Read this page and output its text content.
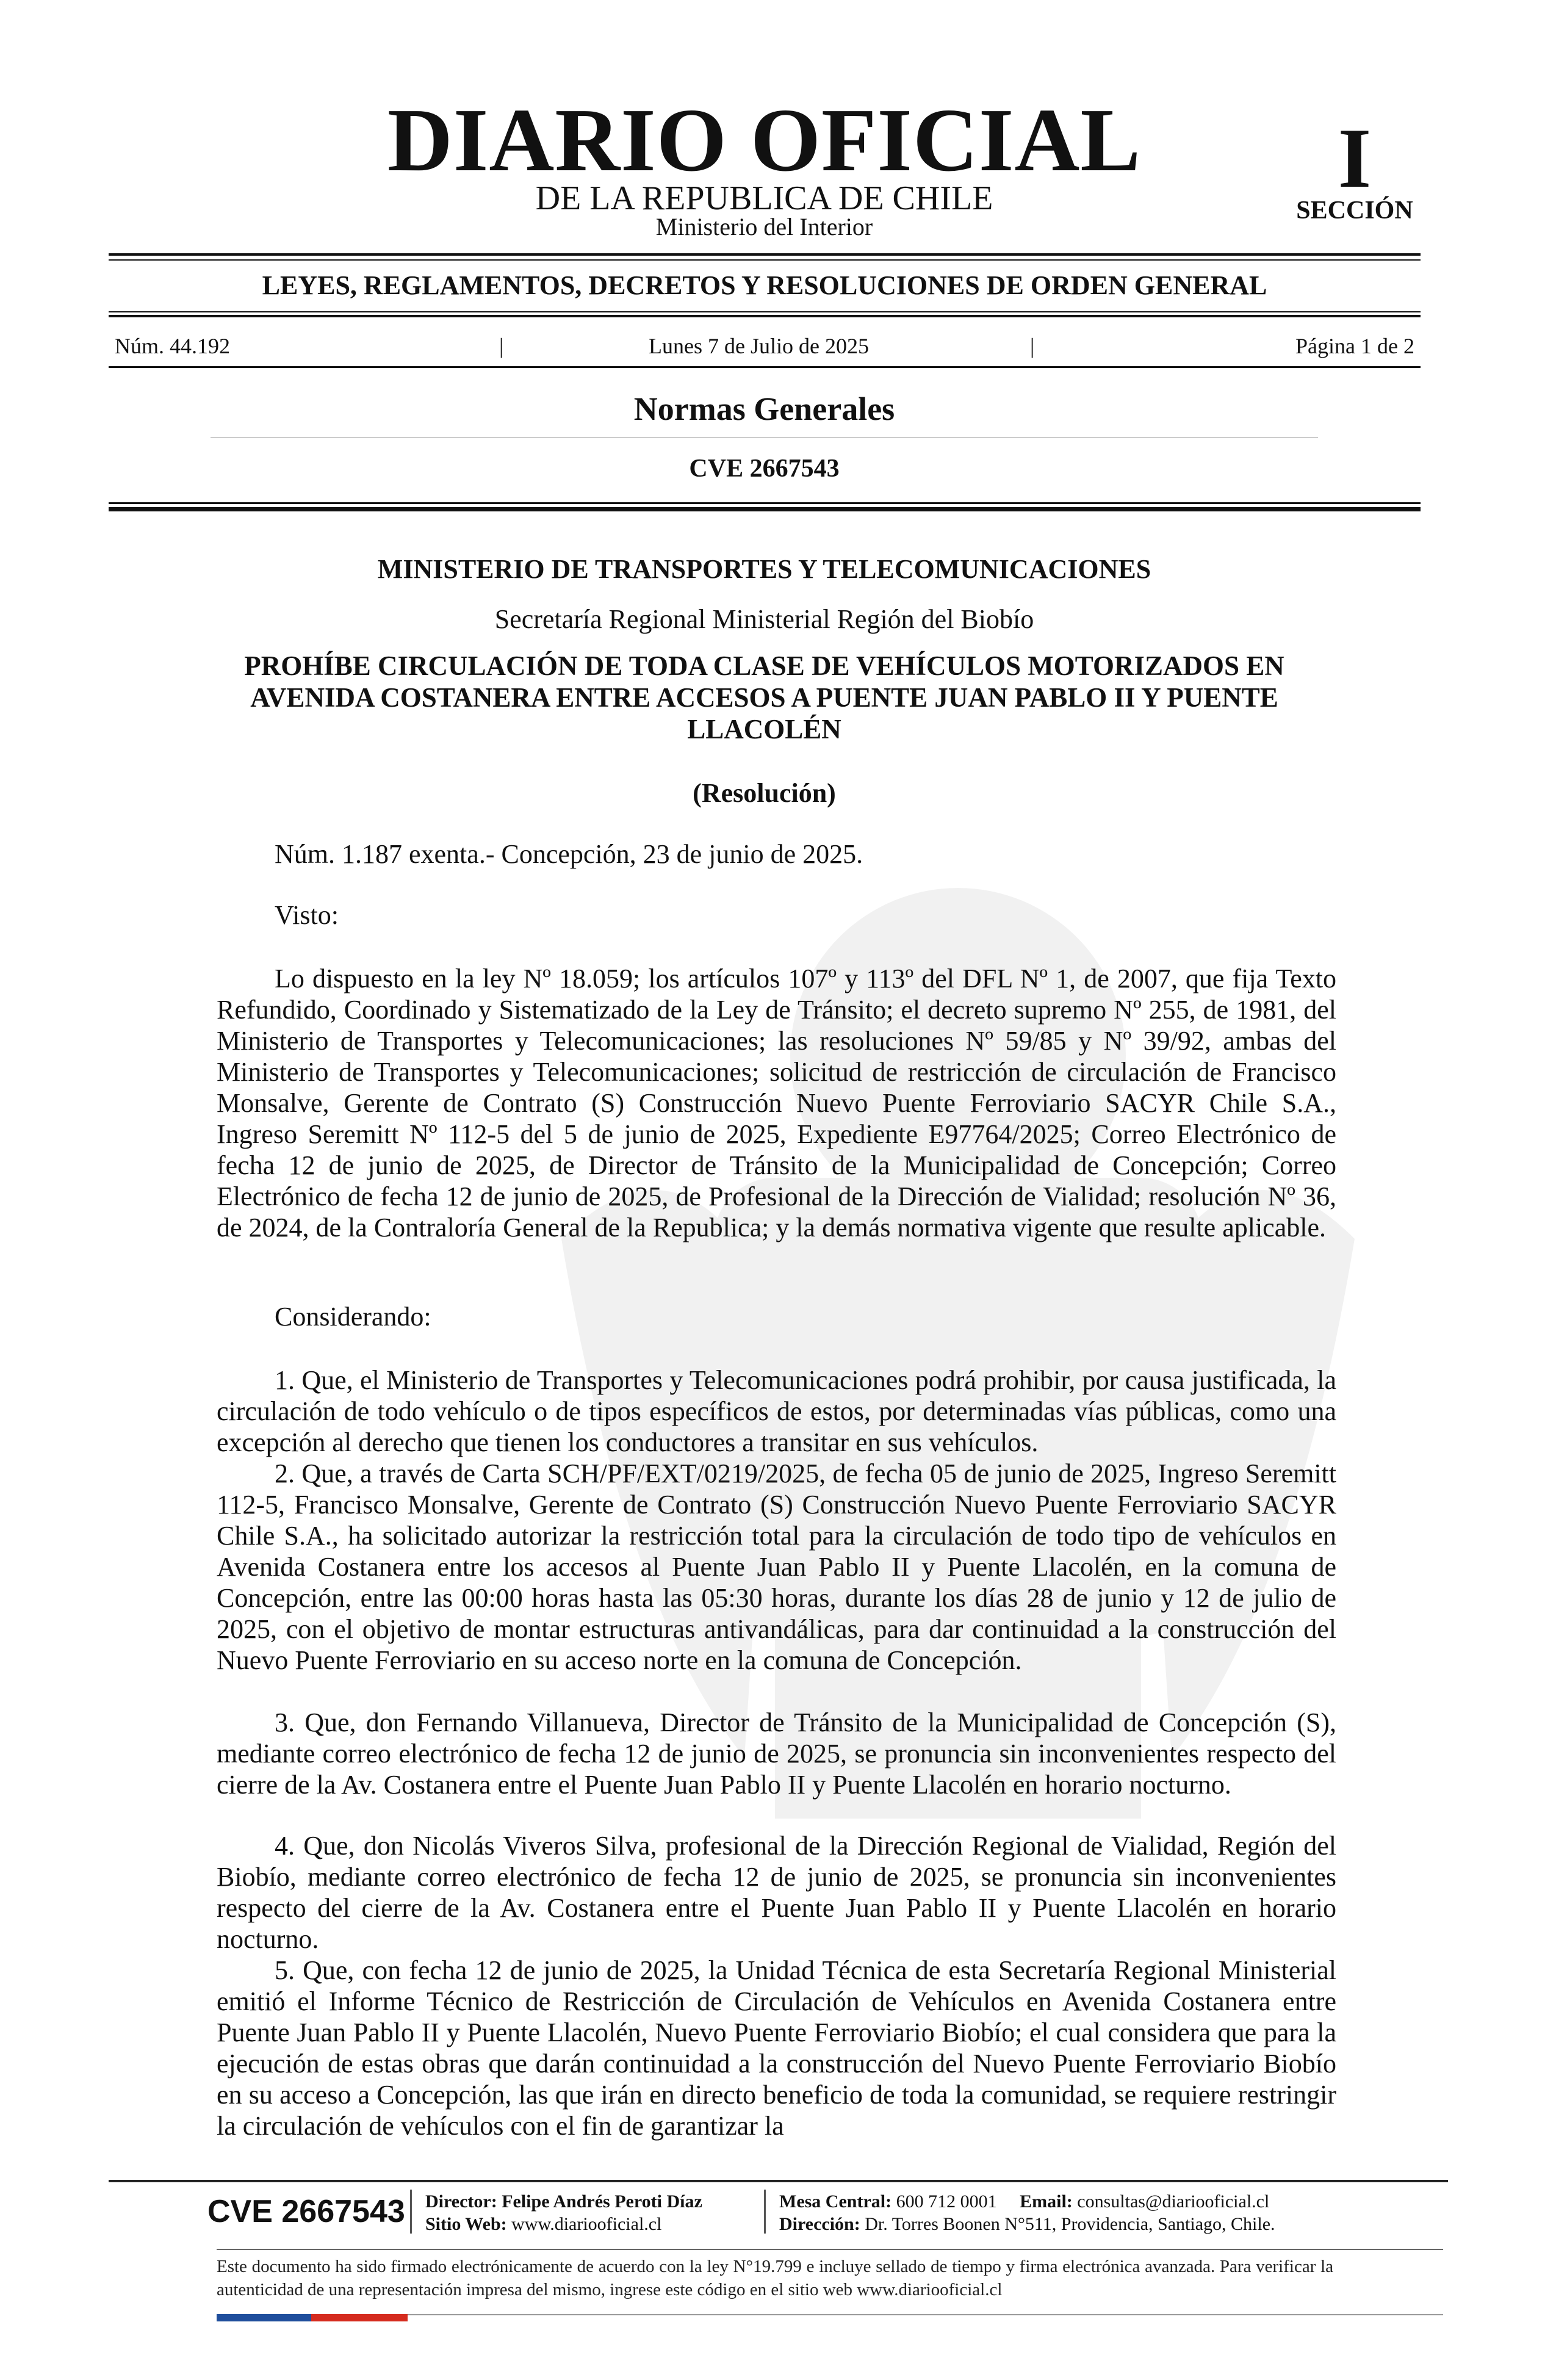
DIARIO OFICIAL
DE LA REPUBLICA DE CHILE
Ministerio del Interior
I
SECCIÓN
LEYES, REGLAMENTOS, DECRETOS Y RESOLUCIONES DE ORDEN GENERAL
Núm. 44.192	|	Lunes 7 de Julio de 2025	|	Página 1 de 2
Normas Generales
CVE 2667543
MINISTERIO DE TRANSPORTES Y TELECOMUNICACIONES
Secretaría Regional Ministerial Región del Biobío
PROHÍBE CIRCULACIÓN DE TODA CLASE DE VEHÍCULOS MOTORIZADOS EN AVENIDA COSTANERA ENTRE ACCESOS A PUENTE JUAN PABLO II Y PUENTE LLACOLÉN
(Resolución)
Núm. 1.187 exenta.- Concepción, 23 de junio de 2025.
Visto:
Lo dispuesto en la ley Nº 18.059; los artículos 107º y 113º del DFL Nº 1, de 2007, que fija Texto Refundido, Coordinado y Sistematizado de la Ley de Tránsito; el decreto supremo Nº 255, de 1981, del Ministerio de Transportes y Telecomunicaciones; las resoluciones Nº 59/85 y Nº 39/92, ambas del Ministerio de Transportes y Telecomunicaciones; solicitud de restricción de circulación de Francisco Monsalve, Gerente de Contrato (S) Construcción Nuevo Puente Ferroviario SACYR Chile S.A., Ingreso Seremitt Nº 112-5 del 5 de junio de 2025, Expediente E97764/2025; Correo Electrónico de fecha 12 de junio de 2025, de Director de Tránsito de la Municipalidad de Concepción; Correo Electrónico de fecha 12 de junio de 2025, de Profesional de la Dirección de Vialidad; resolución Nº 36, de 2024, de la Contraloría General de la Republica; y la demás normativa vigente que resulte aplicable.
Considerando:
1. Que, el Ministerio de Transportes y Telecomunicaciones podrá prohibir, por causa justificada, la circulación de todo vehículo o de tipos específicos de estos, por determinadas vías públicas, como una excepción al derecho que tienen los conductores a transitar en sus vehículos.
2. Que, a través de Carta SCH/PF/EXT/0219/2025, de fecha 05 de junio de 2025, Ingreso Seremitt 112-5, Francisco Monsalve, Gerente de Contrato (S) Construcción Nuevo Puente Ferroviario SACYR Chile S.A., ha solicitado autorizar la restricción total para la circulación de todo tipo de vehículos en Avenida Costanera entre los accesos al Puente Juan Pablo II y Puente Llacolén, en la comuna de Concepción, entre las 00:00 horas hasta las 05:30 horas, durante los días 28 de junio y 12 de julio de 2025, con el objetivo de montar estructuras antivandálicas, para dar continuidad a la construcción del Nuevo Puente Ferroviario en su acceso norte en la comuna de Concepción.
3. Que, don Fernando Villanueva, Director de Tránsito de la Municipalidad de Concepción (S), mediante correo electrónico de fecha 12 de junio de 2025, se pronuncia sin inconvenientes respecto del cierre de la Av. Costanera entre el Puente Juan Pablo II y Puente Llacolén en horario nocturno.
4. Que, don Nicolás Viveros Silva, profesional de la Dirección Regional de Vialidad, Región del Biobío, mediante correo electrónico de fecha 12 de junio de 2025, se pronuncia sin inconvenientes respecto del cierre de la Av. Costanera entre el Puente Juan Pablo II y Puente Llacolén en horario nocturno.
5. Que, con fecha 12 de junio de 2025, la Unidad Técnica de esta Secretaría Regional Ministerial emitió el Informe Técnico de Restricción de Circulación de Vehículos en Avenida Costanera entre Puente Juan Pablo II y Puente Llacolén, Nuevo Puente Ferroviario Biobío; el cual considera que para la ejecución de estas obras que darán continuidad a la construcción del Nuevo Puente Ferroviario Biobío en su acceso a Concepción, las que irán en directo beneficio de toda la comunidad, se requiere restringir la circulación de vehículos con el fin de garantizar la
CVE 2667543 Director: Felipe Andrés Peroti Díaz
Sitio Web: www.diariooficial.cl
Mesa Central: 600 712 0001 Email: consultas@diariooficial.cl
Dirección: Dr. Torres Boonen N°511, Providencia, Santiago, Chile.
Este documento ha sido firmado electrónicamente de acuerdo con la ley N°19.799 e incluye sellado de tiempo y firma electrónica avanzada. Para verificar la autenticidad de una representación impresa del mismo, ingrese este código en el sitio web www.diariooficial.cl
